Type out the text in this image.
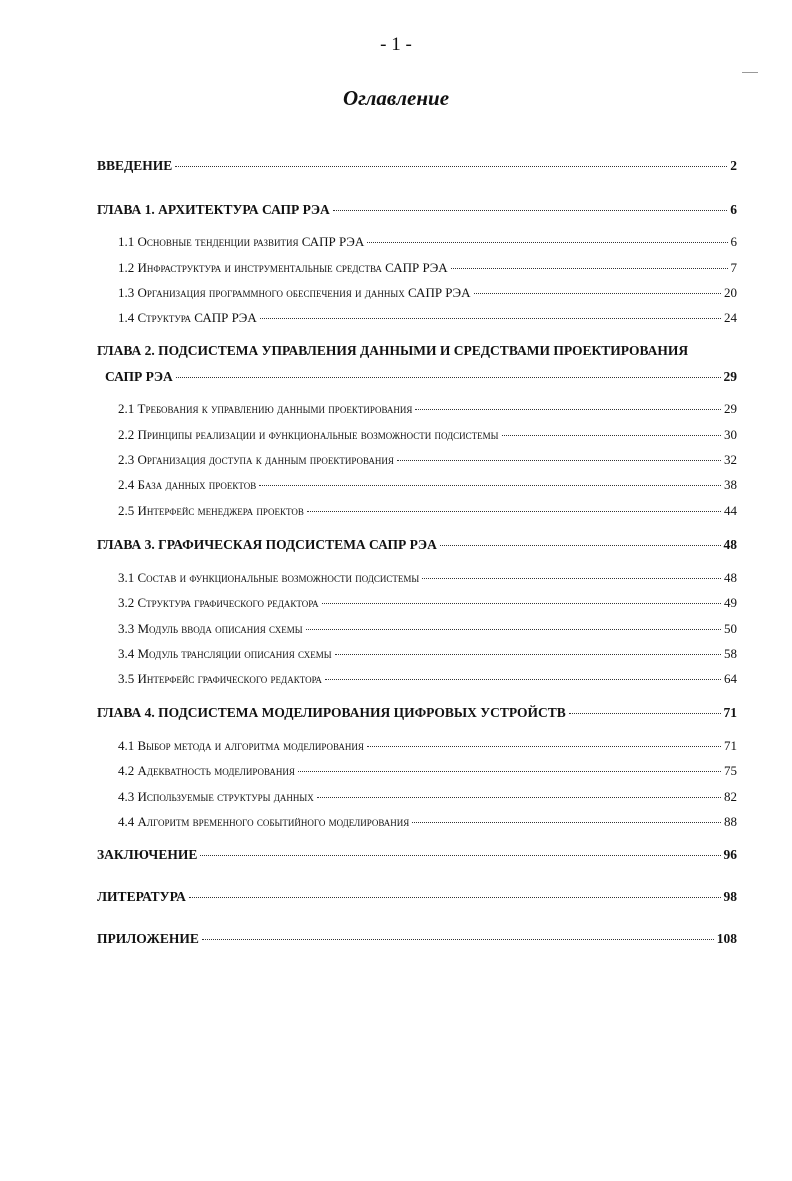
- 1 -
Оглавление
ВВЕДЕНИЕ	2
ГЛАВА 1. АРХИТЕКТУРА САПР РЭА	6
1.1 Основные тенденции развития САПР РЭА	6
1.2 Инфраструктура и инструментальные средства САПР РЭА	7
1.3 Организация программного обеспечения и данных САПР РЭА	20
1.4 Структура САПР РЭА	24
ГЛАВА 2. ПОДСИСТЕМА УПРАВЛЕНИЯ ДАННЫМИ И СРЕДСТВАМИ ПРОЕКТИРОВАНИЯ
САПР РЭА	29
2.1 Требования к управлению данными проектирования	29
2.2 Принципы реализации и функциональные возможности подсистемы	30
2.3 Организация доступа к данным проектирования	32
2.4 База данных проектов	38
2.5 Интерфейс менеджера проектов	44
ГЛАВА 3. ГРАФИЧЕСКАЯ ПОДСИСТЕМА САПР РЭА	48
3.1 Состав и функциональные возможности подсистемы	48
3.2 Структура графического редактора	49
3.3 Модуль ввода описания схемы	50
3.4 Модуль трансляции описания схемы	58
3.5 Интерфейс графического редактора	64
ГЛАВА 4. ПОДСИСТЕМА МОДЕЛИРОВАНИЯ ЦИФРОВЫХ УСТРОЙСТВ	71
4.1 Выбор метода и алгоритма моделирования	71
4.2 Адекватность моделирования	75
4.3 Используемые структуры данных	82
4.4 Алгоритм временного событийного моделирования	88
ЗАКЛЮЧЕНИЕ	96
ЛИТЕРАТУРА	98
ПРИЛОЖЕНИЕ	108
